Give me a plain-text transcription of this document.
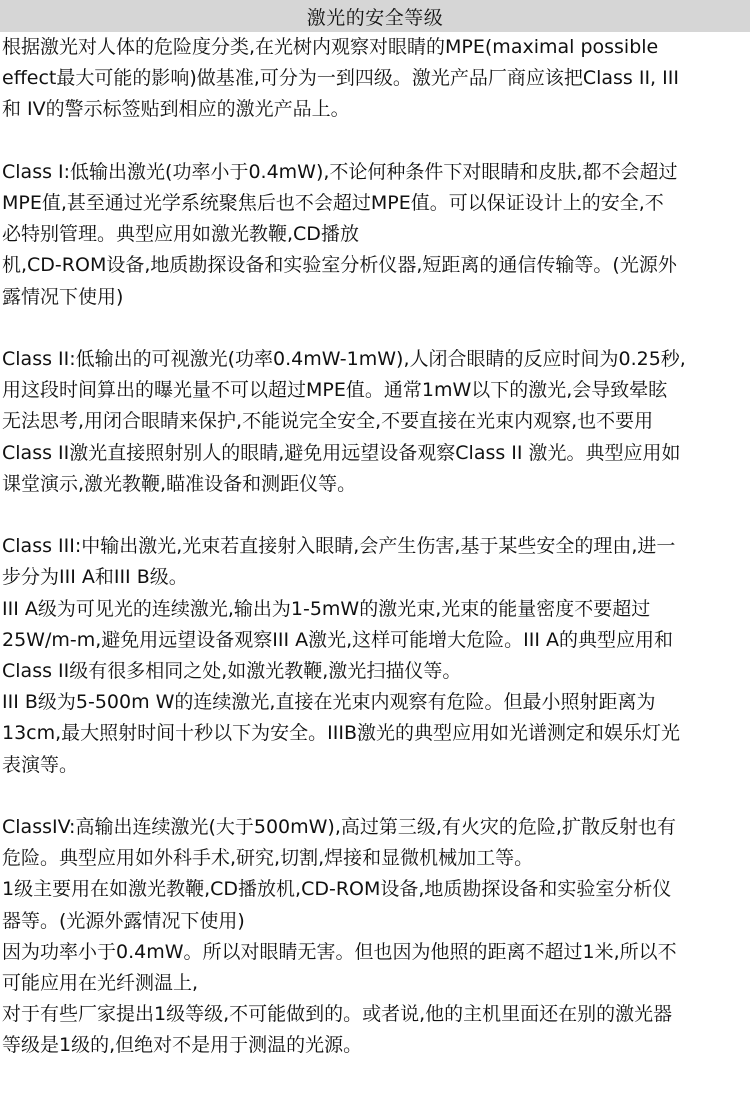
激光的安全等级
根据激光对人体的危险度分类,在光树内观察对眼睛的MPE(maximal possible
effect最大可能的影响)做基准,可分为一到四级。激光产品厂商应该把Class II, III
和 IV的警示标签贴到相应的激光产品上。
Class I:低输出激光(功率小于0.4mW),不论何种条件下对眼睛和皮肤,都不会超过
MPE值,甚至通过光学系统聚焦后也不会超过MPE值。可以保证设计上的安全,不
必特别管理。典型应用如激光教鞭,CD播放
机,CD-ROM设备,地质勘探设备和实验室分析仪器,短距离的通信传输等。(光源外
露情况下使用)
Class II:低输出的可视激光(功率0.4mW-1mW),人闭合眼睛的反应时间为0.25秒,
用这段时间算出的曝光量不可以超过MPE值。通常1mW以下的激光,会导致晕眩
无法思考,用闭合眼睛来保护,不能说完全安全,不要直接在光束内观察,也不要用
Class II激光直接照射别人的眼睛,避免用远望设备观察Class II 激光。典型应用如
课堂演示,激光教鞭,瞄准设备和测距仪等。
Class III:中输出激光,光束若直接射入眼睛,会产生伤害,基于某些安全的理由,进一
步分为III A和III B级。
III A级为可见光的连续激光,输出为1-5mW的激光束,光束的能量密度不要超过
25W/m-m,避免用远望设备观察III A激光,这样可能增大危险。III A的典型应用和
Class II级有很多相同之处,如激光教鞭,激光扫描仪等。
III B级为5-500m W的连续激光,直接在光束内观察有危险。但最小照射距离为
13cm,最大照射时间十秒以下为安全。IIIB激光的典型应用如光谱测定和娱乐灯光
表演等。
ClassIV:高输出连续激光(大于500mW),高过第三级,有火灾的危险,扩散反射也有
危险。典型应用如外科手术,研究,切割,焊接和显微机械加工等。
1级主要用在如激光教鞭,CD播放机,CD-ROM设备,地质勘探设备和实验室分析仪
器等。(光源外露情况下使用)
因为功率小于0.4mW。所以对眼睛无害。但也因为他照的距离不超过1米,所以不
可能应用在光纤测温上,
对于有些厂家提出1级等级,不可能做到的。或者说,他的主机里面还在别的激光器
等级是1级的,但绝对不是用于测温的光源。
